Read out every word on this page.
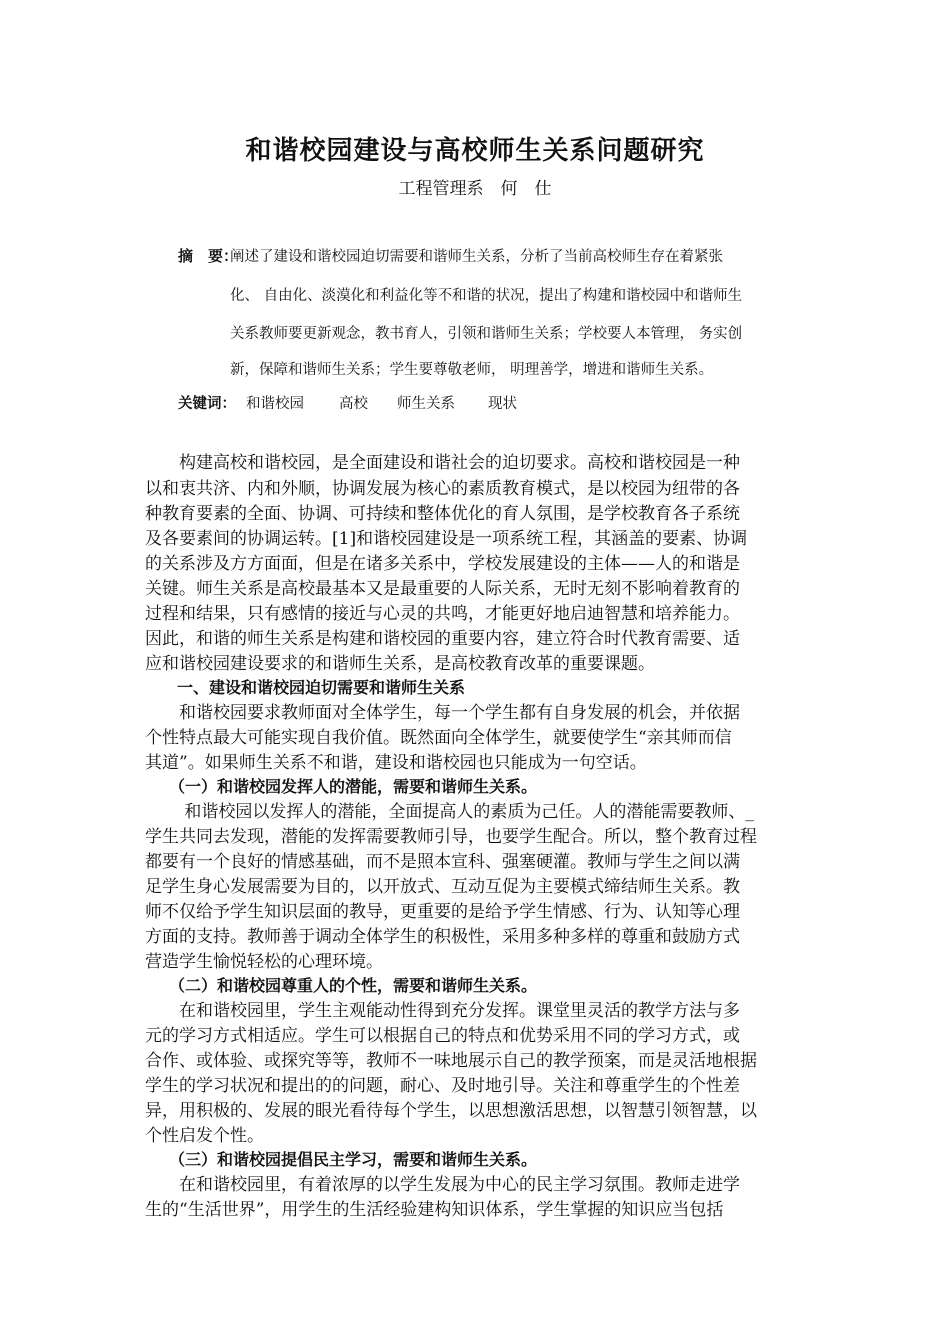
和谐校园建设与高校师生关系问题研究
工程管理系　何　仕
摘　要：
阐述了建设和谐校园迫切需要和谐师生关系，分析了当前高校师生存在着紧张
化、 自由化、淡漠化和利益化等不和谐的状况，提出了构建和谐校园中和谐师生
关系教师要更新观念，教书育人，引领和谐师生关系；学校要人本管理， 务实创
新，保障和谐师生关系；学生要尊敬老师， 明理善学，增进和谐师生关系。
关键词： 和谐校园 高校 师生关系 现状
　　构建高校和谐校园，是全面建设和谐社会的迫切要求。高校和谐校园是一种
以和衷共济、内和外顺，协调发展为核心的素质教育模式，是以校园为纽带的各
种教育要素的全面、协调、可持续和整体优化的育人氛围，是学校教育各子系统
及各要素间的协调运转。[1]和谐校园建设是一项系统工程，其涵盖的要素、协调
的关系涉及方方面面，但是在诸多关系中，学校发展建设的主体——人的和谐是
关键。师生关系是高校最基本又是最重要的人际关系，无时无刻不影响着教育的
过程和结果，只有感情的接近与心灵的共鸣，才能更好地启迪智慧和培养能力。
因此，和谐的师生关系是构建和谐校园的重要内容，建立符合时代教育需要、适
应和谐校园建设要求的和谐师生关系，是高校教育改革的重要课题。
　　一、建设和谐校园迫切需要和谐师生关系
　　和谐校园要求教师面对全体学生，每一个学生都有自身发展的机会，并依据
个性特点最大可能实现自我价值。既然面向全体学生，就要使学生“亲其师而信
其道”。如果师生关系不和谐，建设和谐校园也只能成为一句空话。
　　（一）和谐校园发挥人的潜能，需要和谐师生关系。
　　 和谐校园以发挥人的潜能，全面提高人的素质为己任。人的潜能需要教师、_
学生共同去发现，潜能的发挥需要教师引导，也要学生配合。所以，整个教育过程
都要有一个良好的情感基础，而不是照本宣科、强塞硬灌。教师与学生之间以满
足学生身心发展需要为目的，以开放式、互动互促为主要模式缔结师生关系。教
师不仅给予学生知识层面的教导，更重要的是给予学生情感、行为、认知等心理
方面的支持。教师善于调动全体学生的积极性，采用多种多样的尊重和鼓励方式
营造学生愉悦轻松的心理环境。
　　（二）和谐校园尊重人的个性，需要和谐师生关系。
　　在和谐校园里，学生主观能动性得到充分发挥。课堂里灵活的教学方法与多
元的学习方式相适应。学生可以根据自己的特点和优势采用不同的学习方式，或
合作、或体验、或探究等等，教师不一味地展示自己的教学预案，而是灵活地根据
学生的学习状况和提出的的问题，耐心、及时地引导。关注和尊重学生的个性差
异，用积极的、发展的眼光看待每个学生，以思想激活思想，以智慧引领智慧，以
个性启发个性。
　　（三）和谐校园提倡民主学习，需要和谐师生关系。
　　在和谐校园里，有着浓厚的以学生发展为中心的民主学习氛围。教师走进学
生的“生活世界”，用学生的生活经验建构知识体系，学生掌握的知识应当包括
